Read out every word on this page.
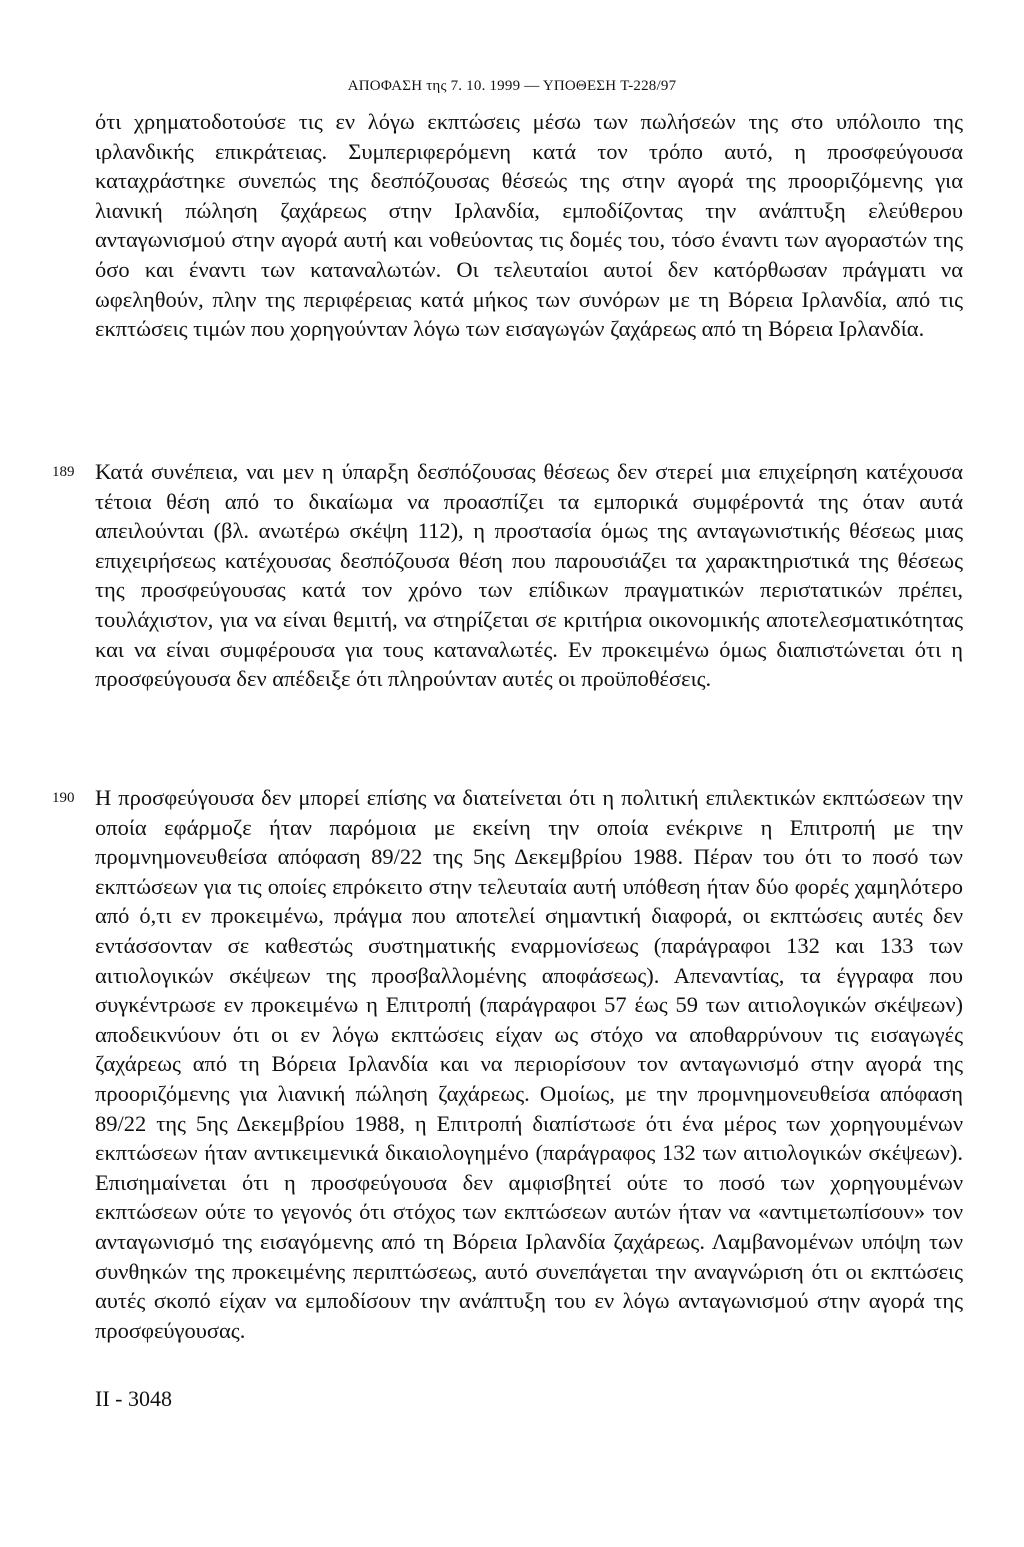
ΑΠΟΦΑΣΗ της 7. 10. 1999 — ΥΠΟΘΕΣΗ T-228/97

ότι χρηματοδοτούσε τις εν λόγω εκπτώσεις μέσω των πωλήσεών της στο υπόλοιπο της ιρλανδικής επικράτειας. Συμπεριφερόμενη κατά τον τρόπο αυτό, η προσφεύγουσα καταχράστηκε συνεπώς της δεσπόζουσας θέσεώς της στην αγορά της προοριζόμενης για λιανική πώληση ζαχάρεως στην Ιρλανδία, εμποδίζοντας την ανάπτυξη ελεύθερου ανταγωνισμού στην αγορά αυτή και νοθεύοντας τις δομές του, τόσο έναντι των αγοραστών της όσο και έναντι των καταναλωτών. Οι τελευταίοι αυτοί δεν κατόρθωσαν πράγματι να ωφεληθούν, πλην της περιφέρειας κατά μήκος των συνόρων με τη Βόρεια Ιρλανδία, από τις εκπτώσεις τιμών που χορηγούνταν λόγω των εισαγωγών ζαχάρεως από τη Βόρεια Ιρλανδία.

189 Κατά συνέπεια, ναι μεν η ύπαρξη δεσπόζουσας θέσεως δεν στερεί μια επιχείρηση κατέχουσα τέτοια θέση από το δικαίωμα να προασπίζει τα εμπορικά συμφέροντά της όταν αυτά απειλούνται (βλ. ανωτέρω σκέψη 112), η προστασία όμως της ανταγωνιστικής θέσεως μιας επιχειρήσεως κατέχουσας δεσπόζουσα θέση που παρουσιάζει τα χαρακτηριστικά της θέσεως της προσφεύγουσας κατά τον χρόνο των επίδικων πραγματικών περιστατικών πρέπει, τουλάχιστον, για να είναι θεμιτή, να στηρίζεται σε κριτήρια οικονομικής αποτελεσματικότητας και να είναι συμφέρουσα για τους καταναλωτές. Εν προκειμένω όμως διαπιστώνεται ότι η προσφεύγουσα δεν απέδειξε ότι πληρούνταν αυτές οι προϋποθέσεις.

190 Η προσφεύγουσα δεν μπορεί επίσης να διατείνεται ότι η πολιτική επιλεκτικών εκπτώσεων την οποία εφάρμοζε ήταν παρόμοια με εκείνη την οποία ενέκρινε η Επιτροπή με την προμνημονευθείσα απόφαση 89/22 της 5ης Δεκεμβρίου 1988. Πέραν του ότι το ποσό των εκπτώσεων για τις οποίες επρόκειτο στην τελευταία αυτή υπόθεση ήταν δύο φορές χαμηλότερο από ό,τι εν προκειμένω, πράγμα που αποτελεί σημαντική διαφορά, οι εκπτώσεις αυτές δεν εντάσσονταν σε καθεστώς συστηματικής εναρμονίσεως (παράγραφοι 132 και 133 των αιτιολογικών σκέψεων της προσβαλλομένης αποφάσεως). Απεναντίας, τα έγγραφα που συγκέντρωσε εν προκειμένω η Επιτροπή (παράγραφοι 57 έως 59 των αιτιολογικών σκέψεων) αποδεικνύουν ότι οι εν λόγω εκπτώσεις είχαν ως στόχο να αποθαρρύνουν τις εισαγωγές ζαχάρεως από τη Βόρεια Ιρλανδία και να περιορίσουν τον ανταγωνισμό στην αγορά της προοριζόμενης για λιανική πώληση ζαχάρεως. Ομοίως, με την προμνημονευθείσα απόφαση 89/22 της 5ης Δεκεμβρίου 1988, η Επιτροπή διαπίστωσε ότι ένα μέρος των χορηγουμένων εκπτώσεων ήταν αντικειμενικά δικαιολογημένο (παράγραφος 132 των αιτιολογικών σκέψεων). Επισημαίνεται ότι η προσφεύγουσα δεν αμφισβητεί ούτε το ποσό των χορηγουμένων εκπτώσεων ούτε το γεγονός ότι στόχος των εκπτώσεων αυτών ήταν να «αντιμετωπίσουν» τον ανταγωνισμό της εισαγόμενης από τη Βόρεια Ιρλανδία ζαχάρεως. Λαμβανομένων υπόψη των συνθηκών της προκειμένης περιπτώσεως, αυτό συνεπάγεται την αναγνώριση ότι οι εκπτώσεις αυτές σκοπό είχαν να εμποδίσουν την ανάπτυξη του εν λόγω ανταγωνισμού στην αγορά της προσφεύγουσας.

II - 3048
